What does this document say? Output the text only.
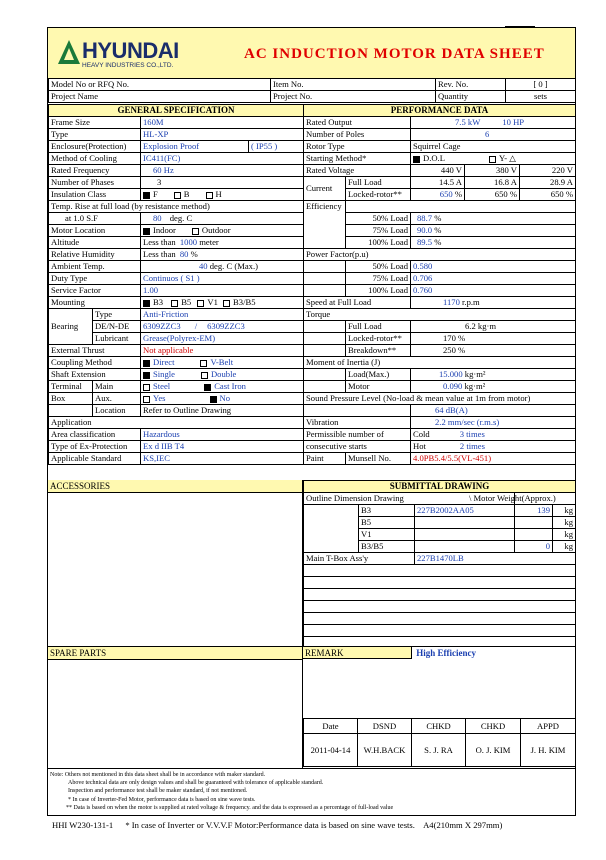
HYUNDAI
HEAVY INDUSTRIES CO.,LTD.
AC INDUCTION MOTOR DATA SHEET
Model No or RFQ No.	Item No.	Rev. No.	[ 0 ]
Project Name	Project No.	Quantity	sets
GENERAL SPECIFICATION			
Frame Size		160M	
Type		HL-XP	
Enclosure(Protection)		Explosion Proof	( IP55 )
Method of Cooling		IC411(FC)	
Rated Frequency		60 Hz	
Number of Phases		3	
Insulation Class		F B H	
Temp. Rise at full load (by resistance method)			
at 1.0 S.F		80 deg. C	
Motor Location		Indoor Outdoor	
Altitude		Less than 1000 meter	
Relative Humidity		Less than 80 %	
Ambient Temp.		40 deg. C (Max.)	
Duty Type		Continuos ( S1 )	
Service Factor		1.00	
Mounting		B3 B5 V1 B3/B5	
Bearing	Type	Anti-Friction	
	DE/N-DE	6309ZZC3 / 6309ZZC3	
	Lubricant	Grease(Polyrex-EM)	
External Thrust		Not applicable	
Coupling Method		Direct V-Belt	
Shaft Extension		Single Double	
Terminal	Main	Steel Cast Iron	
Box	Aux.	Yes No	
	Location	Refer to Outline Drawing	
Application			
Area classification		Hazardous	
Type of Ex-Protection		Ex d IIB T4	
Applicable Standard		KS,IEC	
PERFORMANCE DATA				
Rated Output		7.5 kW 10 HP		
Number of Poles		6		
Rotor Type		Squirrel Cage		
Starting Method*		D.O.L Y- △		
Rated Voltage		440 V	380 V	220 V
Current	Full Load	14.5 A	16.8 A	28.9 A
	Locked-rotor**	650 %	650 %	650 %
Efficiency				
	50% Load	88.7 %		
	75% Load	90.0 %		
	100% Load	89.5 %		
Power Factor(p.u)				
	50% Load	0.580		
	75% Load	0.706		
	100% Load	0.760		
Speed at Full Load		1170 r.p.m		
Torque				
	Full Load	6.2 kg·m		
	Locked-rotor**	170 %		
	Breakdown**	250 %		
Moment of Inertia (J)				
	Load(Max.)	15.000 kg·m²		
	Motor	0.090 kg·m²		
Sound Pressure Level (No-load & mean value at 1m from motor)				
		64 dB(A)		
Vibration		2.2 mm/sec (r.m.s)		
Permissible number of		Cold 3 times		
consecutive starts		Hot 2 times		
Paint	Munsell No.	4.0PB5.4/5.5(VL-451)		
ACCESSORIES	SUBMITTAL DRAWING				
Outline Dimension Drawing			\ Motor Weight(Approx.)	
	B3	227B2002AA05	139	kg
	B5			kg
	V1			kg
	B3/B5		0	kg
Main T-Box Ass'y		227B1470LB		

SPARE PARTS	REMARK	High Efficiency
Date	DSND	CHKD	CHKD	APPD
2011-04-14	W.H.BACK	S. J. RA	O. J. KIM	J. H. KIM
Note: Others not mentioned in this data sheet shall be in accordance with maker standard.
Above technical data are only design values and shall be guaranteed with tolerance of applicable standard.
Inspection and performance test shall be maker standard, if not mentioned.
* In case of Inverter-Fed Motor, performance data is based on sine wave tests.
** Data is based on when the motor is supplied at rated voltage & frequency. and the data is expressed as a percentage of full-load value
HHI W230-131-1 * In case of Inverter or V.V.V.F Motor:Performance data is based on sine wave tests. A4(210mm X 297mm)
